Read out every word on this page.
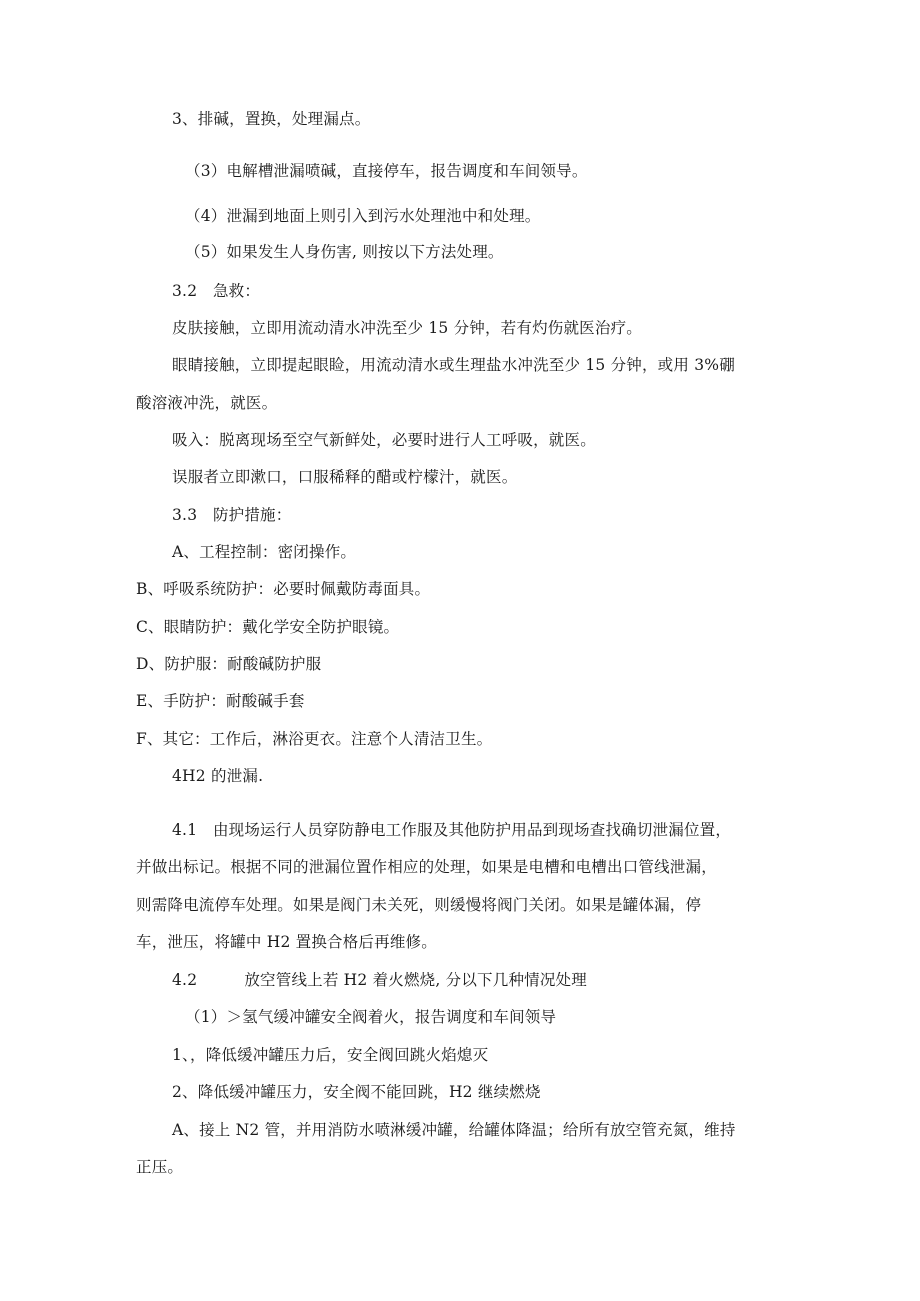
3、排碱，置换，处理漏点。
（3）电解槽泄漏喷碱，直接停车，报告调度和车间领导。
（4）泄漏到地面上则引入到污水处理池中和处理。
（5）如果发生人身伤害, 则按以下方法处理。
3.2　急救：
皮肤接触，立即用流动清水冲洗至少 15 分钟，若有灼伤就医治疗。
眼睛接触，立即提起眼睑，用流动清水或生理盐水冲洗至少 15 分钟，或用 3%硼
酸溶液冲洗，就医。
吸入：脱离现场至空气新鲜处，必要时进行人工呼吸，就医。
误服者立即漱口，口服稀释的醋或柠檬汁，就医。
3.3　防护措施：
A、工程控制：密闭操作。
B、呼吸系统防护：必要时佩戴防毒面具。
C、眼睛防护：戴化学安全防护眼镜。
D、防护服：耐酸碱防护服
E、手防护：耐酸碱手套
F、其它：工作后，淋浴更衣。注意个人清洁卫生。
4H2 的泄漏.
4.1　由现场运行人员穿防静电工作服及其他防护用品到现场查找确切泄漏位置，
并做出标记。根据不同的泄漏位置作相应的处理，如果是电槽和电槽出口管线泄漏，
则需降电流停车处理。如果是阀门未关死，则缓慢将阀门关闭。如果是罐体漏，停
车，泄压，将罐中 H2 置换合格后再维修。
4.2　　　放空管线上若 H2 着火燃烧, 分以下几种情况处理
（1）＞氢气缓冲罐安全阀着火，报告调度和车间领导
1、，降低缓冲罐压力后，安全阀回跳火焰熄灭
2、降低缓冲罐压力，安全阀不能回跳，H2 继续燃烧
A、接上 N2 管，并用消防水喷淋缓冲罐，给罐体降温；给所有放空管充氮，维持
正压。
